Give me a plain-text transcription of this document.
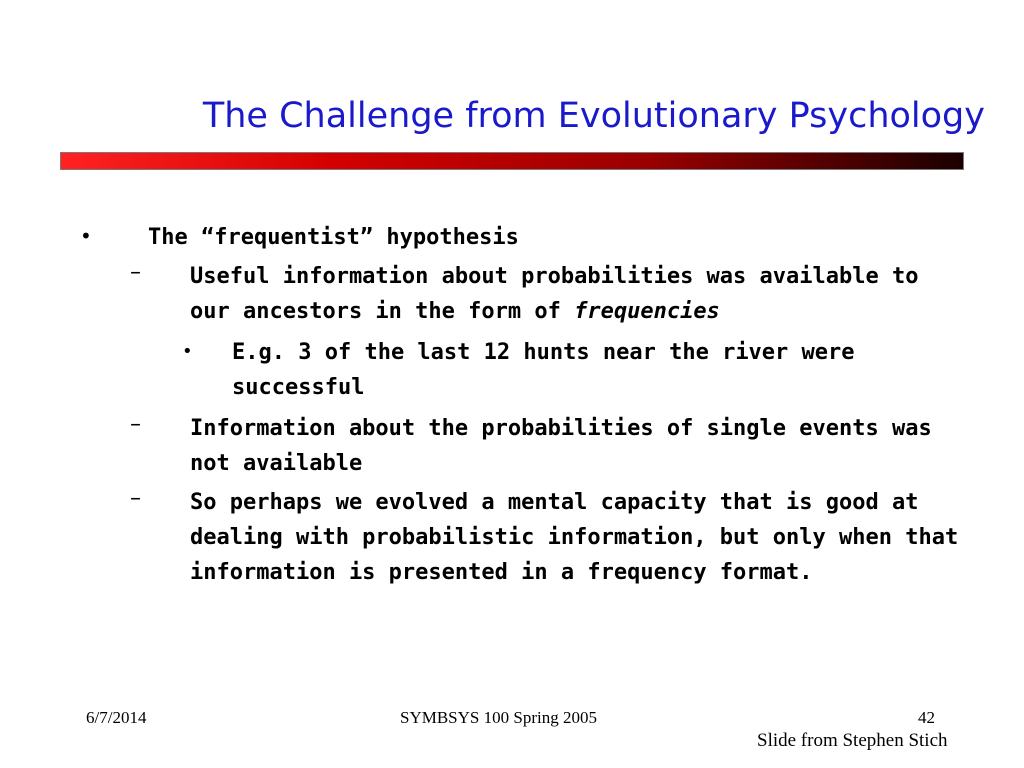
The Challenge from Evolutionary Psychology
•	The “frequentist” hypothesis
– Useful information about probabilities was available to
our ancestors in the form of frequencies
• E.g. 3 of the last 12 hunts near the river were
successful
– Information about the probabilities of single events was
not available
– So perhaps we evolved a mental capacity that is good at
dealing with probabilistic information, but only when that
information is presented in a frequency format.
6/7/2014	SYMBSYS 100 Spring 2005	42
Slide from Stephen Stich
